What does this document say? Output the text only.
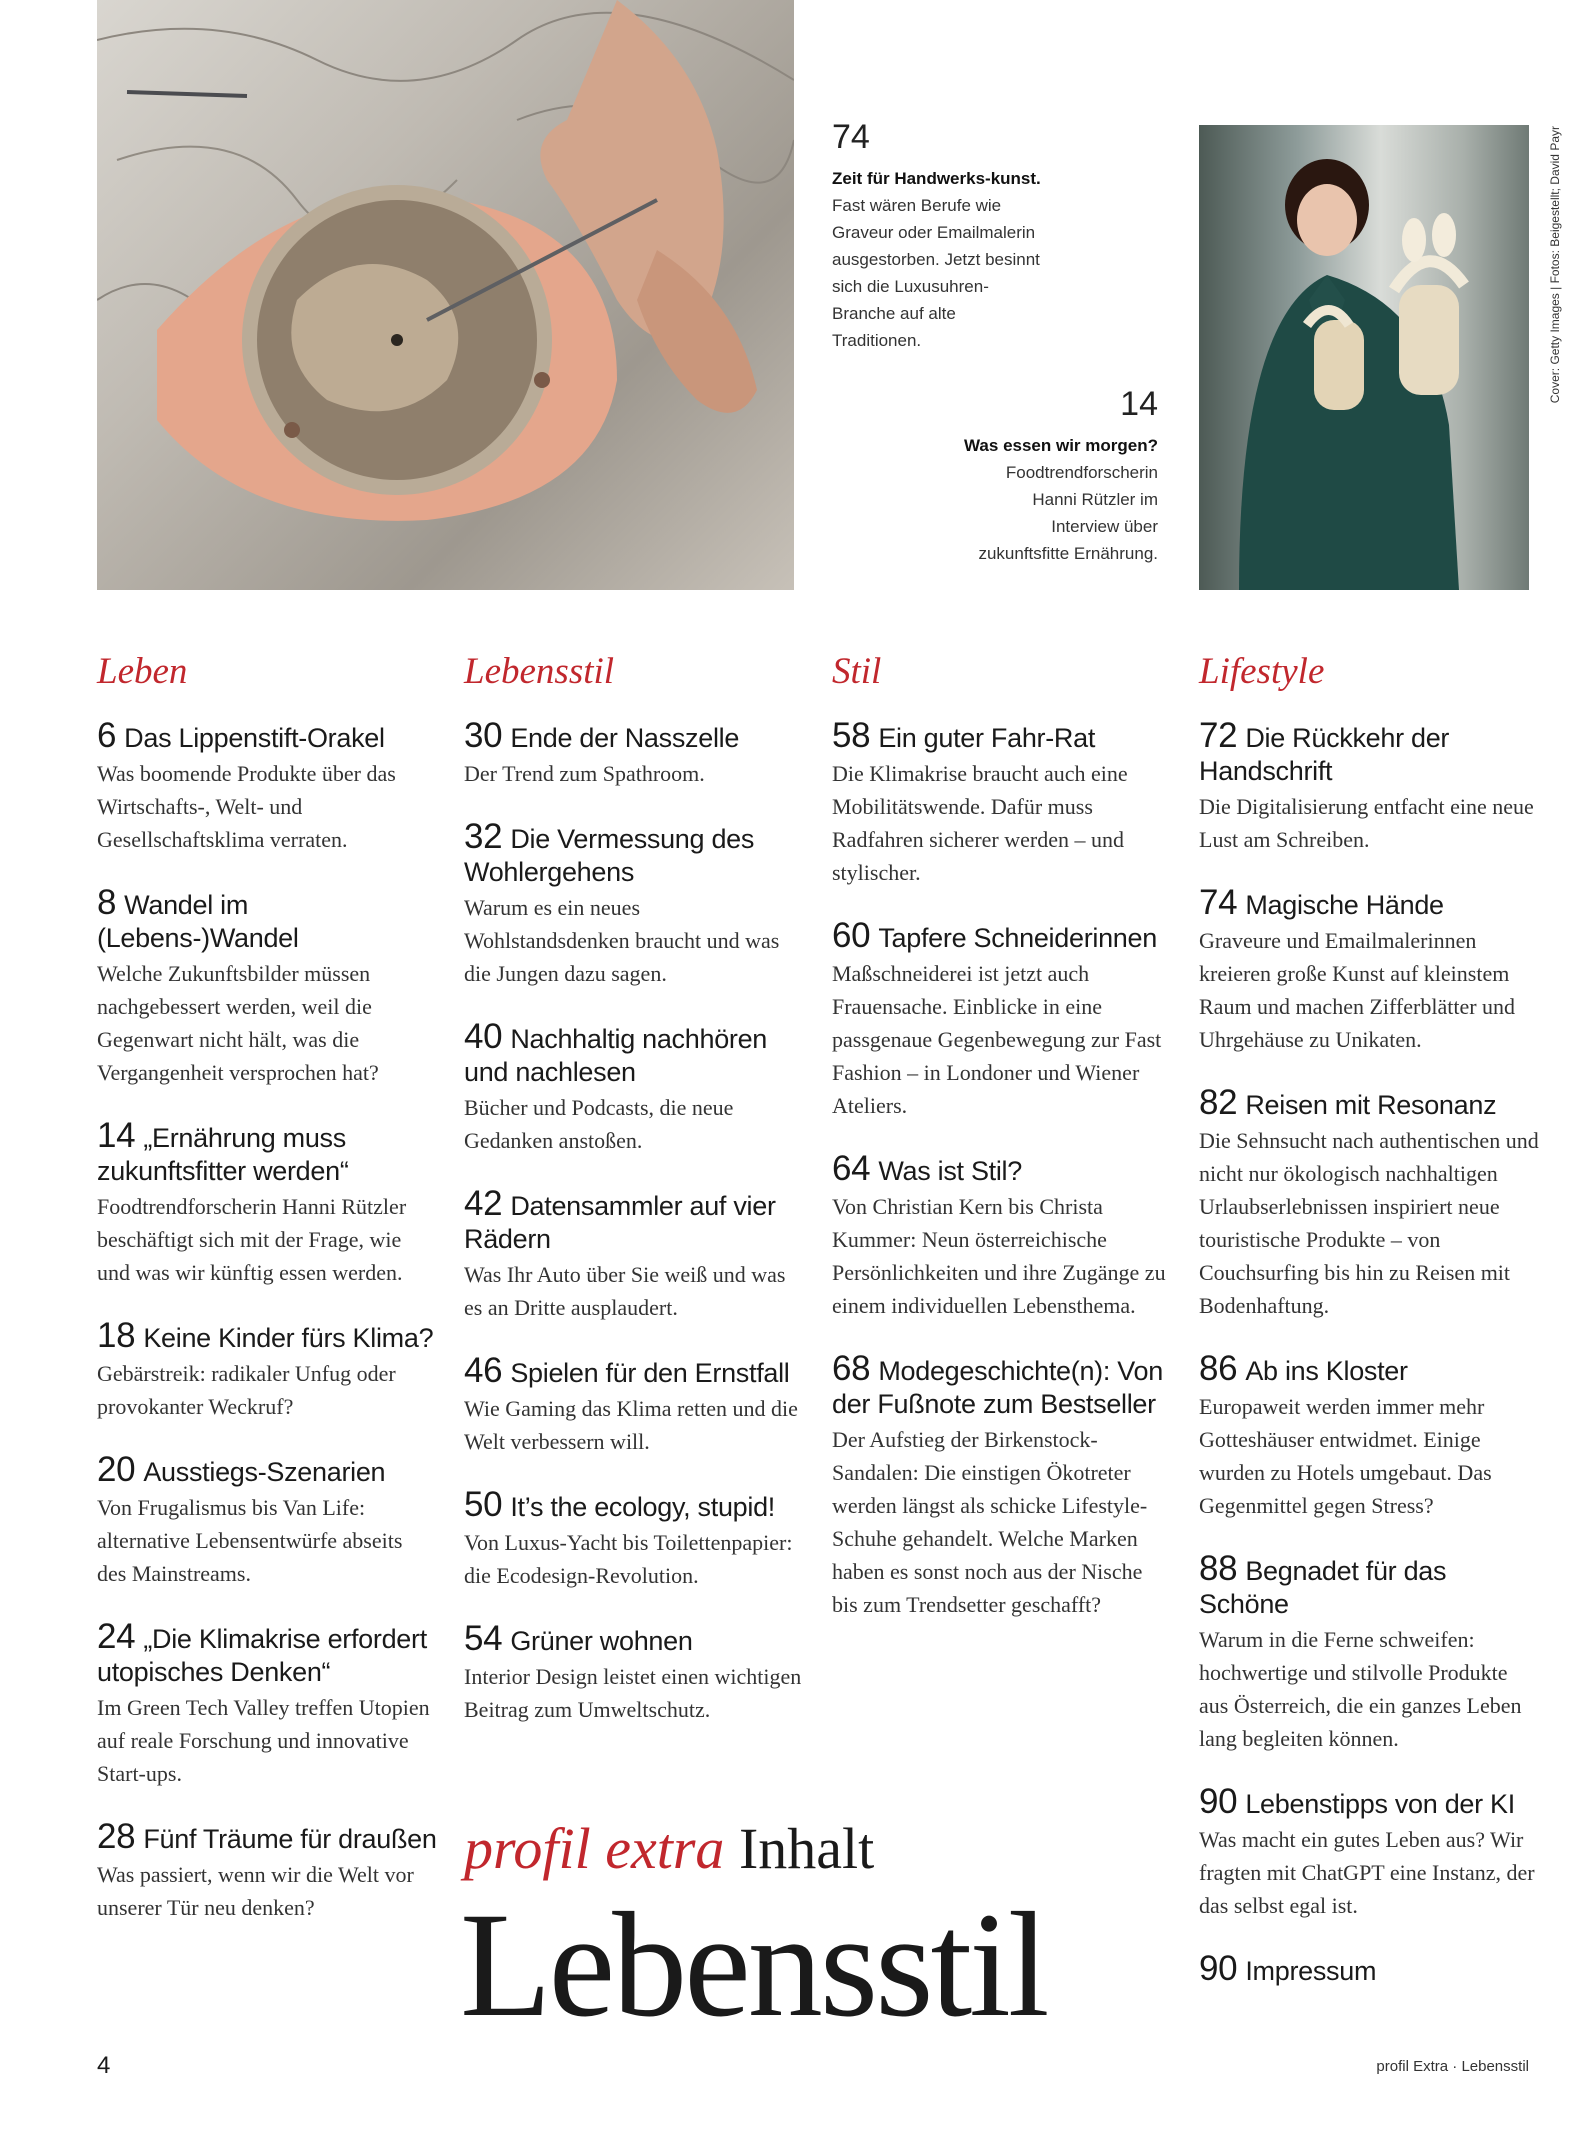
74
Zeit für Handwerks-kunst. Fast wären Berufe wie Graveur oder Emailmalerin ausgestorben. Jetzt besinnt sich die Luxusuhren-Branche auf alte Traditionen.
14
Was essen wir morgen? Foodtrendforscherin Hanni Rützler im Interview über zukunftsfitte Ernährung.
Cover: Getty Images | Fotos: Beigestellt; David Payr
Leben
6 Das Lippenstift-Orakel
Was boomende Produkte über das Wirtschafts-, Welt- und Gesellschaftsklima verraten.
8 Wandel im (Lebens-)Wandel
Welche Zukunftsbilder müssen nachgebessert werden, weil die Gegenwart nicht hält, was die Vergangenheit versprochen hat?
14 „Ernährung muss zukunftsfitter werden“
Foodtrendforscherin Hanni Rützler beschäftigt sich mit der Frage, wie und was wir künftig essen werden.
18 Keine Kinder fürs Klima?
Gebärstreik: radikaler Unfug oder provokanter Weckruf?
20 Ausstiegs-Szenarien
Von Frugalismus bis Van Life: alternative Lebensentwürfe abseits des Mainstreams.
24 „Die Klimakrise erfordert utopisches Denken“
Im Green Tech Valley treffen Utopien auf reale Forschung und innovative Start-ups.
28 Fünf Träume für draußen
Was passiert, wenn wir die Welt vor unserer Tür neu denken?
Lebensstil
30 Ende der Nasszelle
Der Trend zum Spathroom.
32 Die Vermessung des Wohlergehens
Warum es ein neues Wohlstandsdenken braucht und was die Jungen dazu sagen.
40 Nachhaltig nachhören und nachlesen
Bücher und Podcasts, die neue Gedanken anstoßen.
42 Datensammler auf vier Rädern
Was Ihr Auto über Sie weiß und was es an Dritte ausplaudert.
46 Spielen für den Ernstfall
Wie Gaming das Klima retten und die Welt verbessern will.
50 It’s the ecology, stupid!
Von Luxus-Yacht bis Toilettenpapier: die Ecodesign-Revolution.
54 Grüner wohnen
Interior Design leistet einen wichtigen Beitrag zum Umweltschutz.
Stil
58 Ein guter Fahr-Rat
Die Klimakrise braucht auch eine Mobilitätswende. Dafür muss Radfahren sicherer werden – und stylischer.
60 Tapfere Schneiderinnen
Maßschneiderei ist jetzt auch Frauensache. Einblicke in eine passgenaue Gegenbewegung zur Fast Fashion – in Londoner und Wiener Ateliers.
64 Was ist Stil?
Von Christian Kern bis Christa Kummer: Neun österreichische Persönlichkeiten und ihre Zugänge zu einem individuellen Lebensthema.
68 Modegeschichte(n): Von der Fußnote zum Bestseller
Der Aufstieg der Birkenstock-Sandalen: Die einstigen Ökotreter werden längst als schicke Lifestyle-Schuhe gehandelt. Welche Marken haben es sonst noch aus der Nische bis zum Trendsetter geschafft?
Lifestyle
72 Die Rückkehr der Handschrift
Die Digitalisierung entfacht eine neue Lust am Schreiben.
74 Magische Hände
Graveure und Emailmalerinnen kreieren große Kunst auf kleinstem Raum und machen Zifferblätter und Uhrgehäuse zu Unikaten.
82 Reisen mit Resonanz
Die Sehnsucht nach authentischen und nicht nur ökologisch nachhaltigen Urlaubserlebnissen inspiriert neue touristische Produkte – von Couchsurfing bis hin zu Reisen mit Bodenhaftung.
86 Ab ins Kloster
Europaweit werden immer mehr Gotteshäuser entwidmet. Einige wurden zu Hotels umgebaut. Das Gegenmittel gegen Stress?
88 Begnadet für das Schöne
Warum in die Ferne schweifen: hochwertige und stilvolle Produkte aus Österreich, die ein ganzes Leben lang begleiten können.
90 Lebenstipps von der KI
Was macht ein gutes Leben aus? Wir fragten mit ChatGPT eine Instanz, der das selbst egal ist.
90 Impressum
profil extra Inhalt
Lebensstil
4	profil Extra · Lebensstil
